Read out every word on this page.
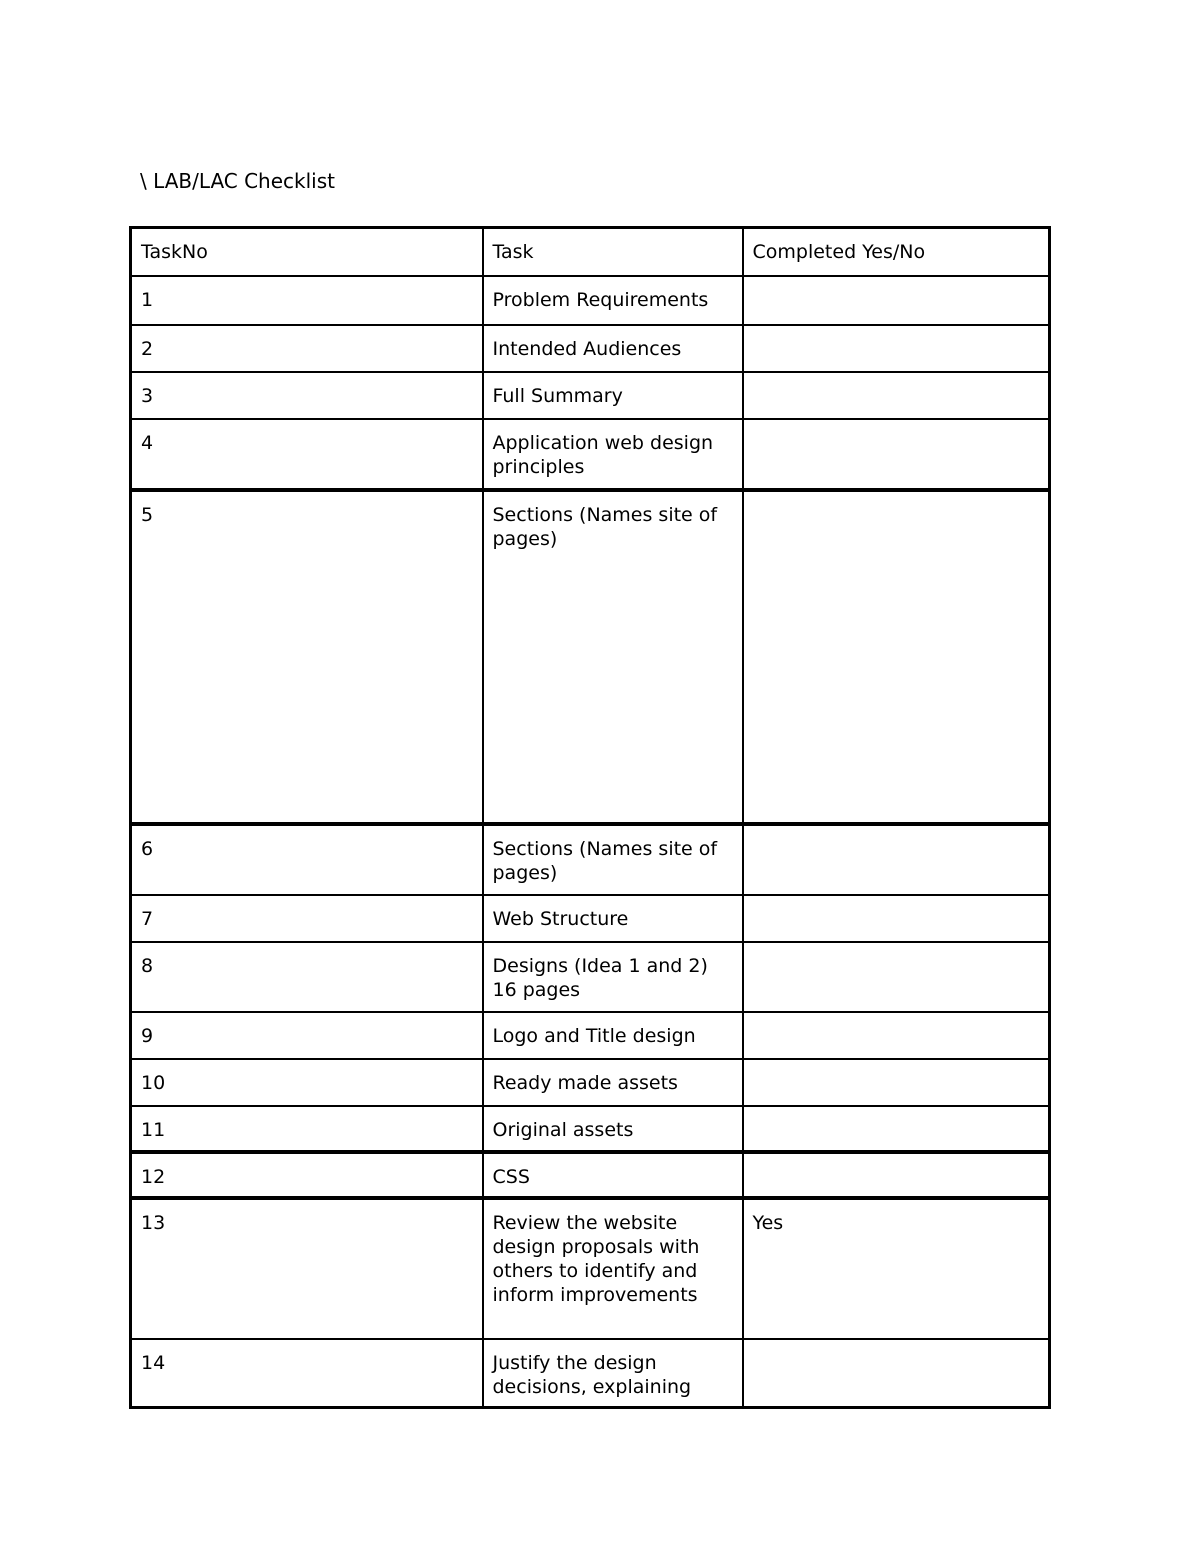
\ LAB/LAC Checklist
TaskNo	Task	Completed Yes/No
1	Problem Requirements	
2	Intended Audiences	
3	Full Summary	
4	Application web design principles	
5	Sections (Names site of pages)	
6	Sections (Names site of pages)	
7	Web Structure	
8	Designs (Idea 1 and 2) 16 pages	
9	Logo and Title design	
10	Ready made assets	
11	Original assets	
12	CSS	
13	Review the website design proposals with others to identify and inform improvements	Yes
14	Justify the design decisions, explaining	
